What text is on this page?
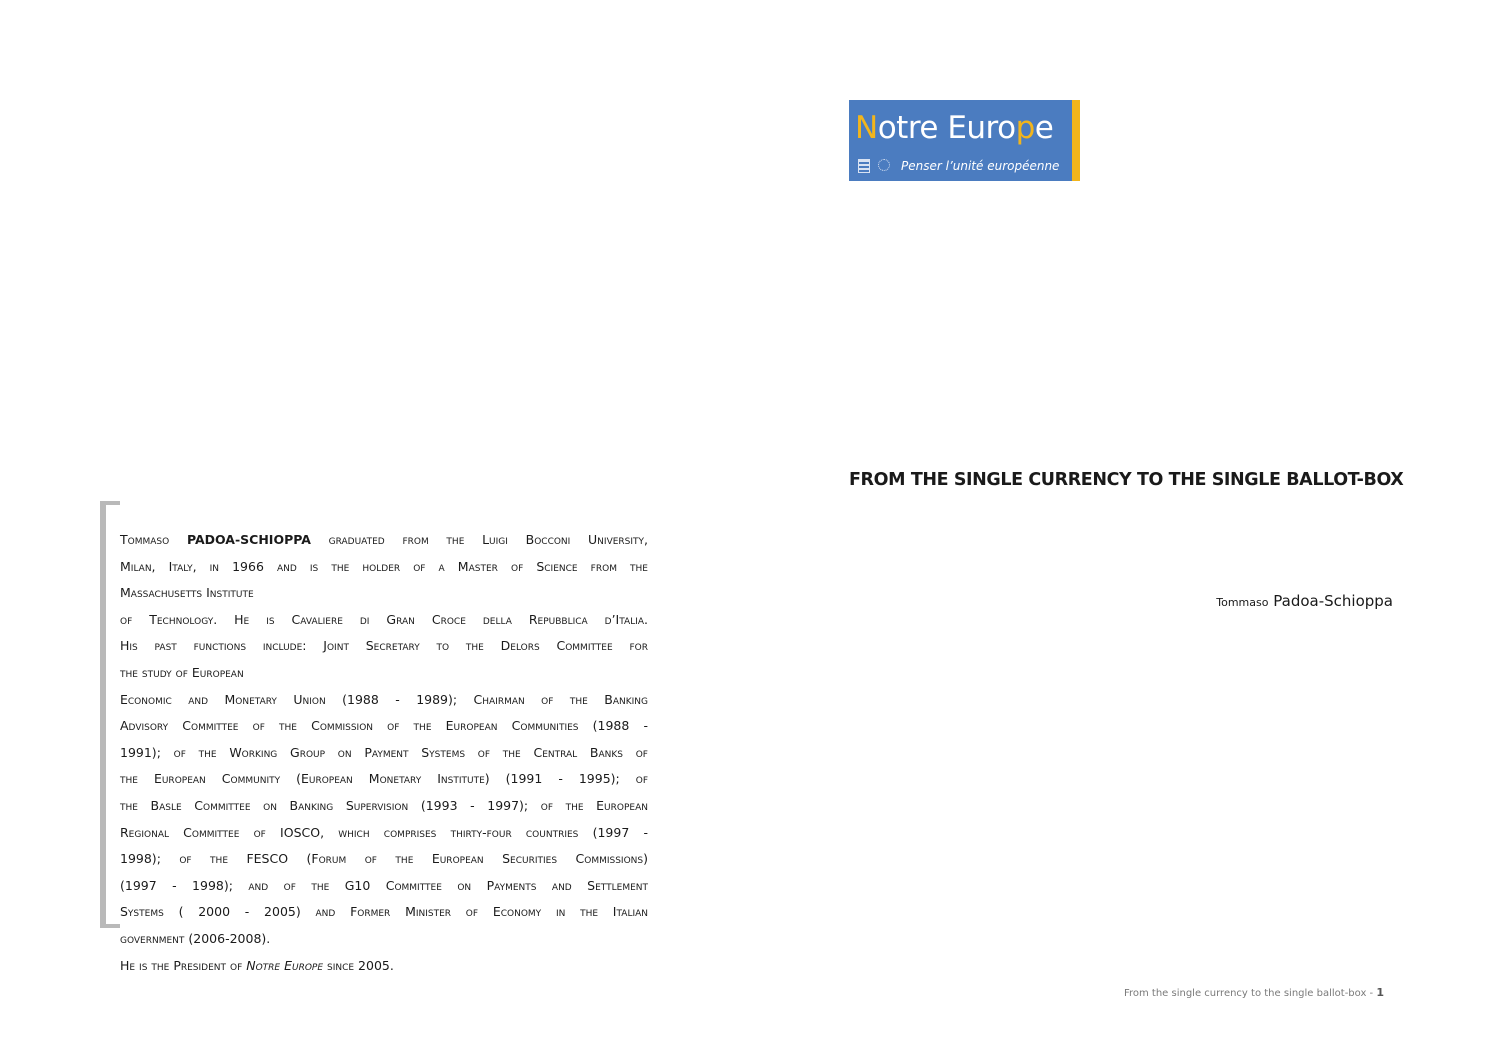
Notre Europe
Penser l’unité européenne
FROM THE SINGLE CURRENCY TO THE SINGLE BALLOT-BOX
Tommaso Padoa-Schioppa

Tommaso PADOA-SCHIOPPA graduated from the Luigi Bocconi University,

Milan, Italy, in 1966 and is the holder of a Master of Science from the

Massachusetts Institute

of Technology. He is Cavaliere di Gran Croce della Repubblica d’Italia.

His past functions include: Joint Secretary to the Delors Committee for

the study of European

Economic and Monetary Union (1988 - 1989); Chairman of the Banking

Advisory Committee of the Commission of the European Communities (1988 -

1991); of the Working Group on Payment Systems of the Central Banks of

the European Community (European Monetary Institute) (1991 - 1995); of

the Basle Committee on Banking Supervision (1993 - 1997); of the European

Regional Committee of IOSCO, which comprises thirty-four countries (1997 -

1998); of the FESCO (Forum of the European Securities Commissions)

(1997 - 1998); and of the G10 Committee on Payments and Settlement

Systems ( 2000 - 2005) and Former Minister of Economy in the Italian

government (2006-2008).

He is the President of Notre Europe since 2005.

From the single currency to the single ballot-box - 1
